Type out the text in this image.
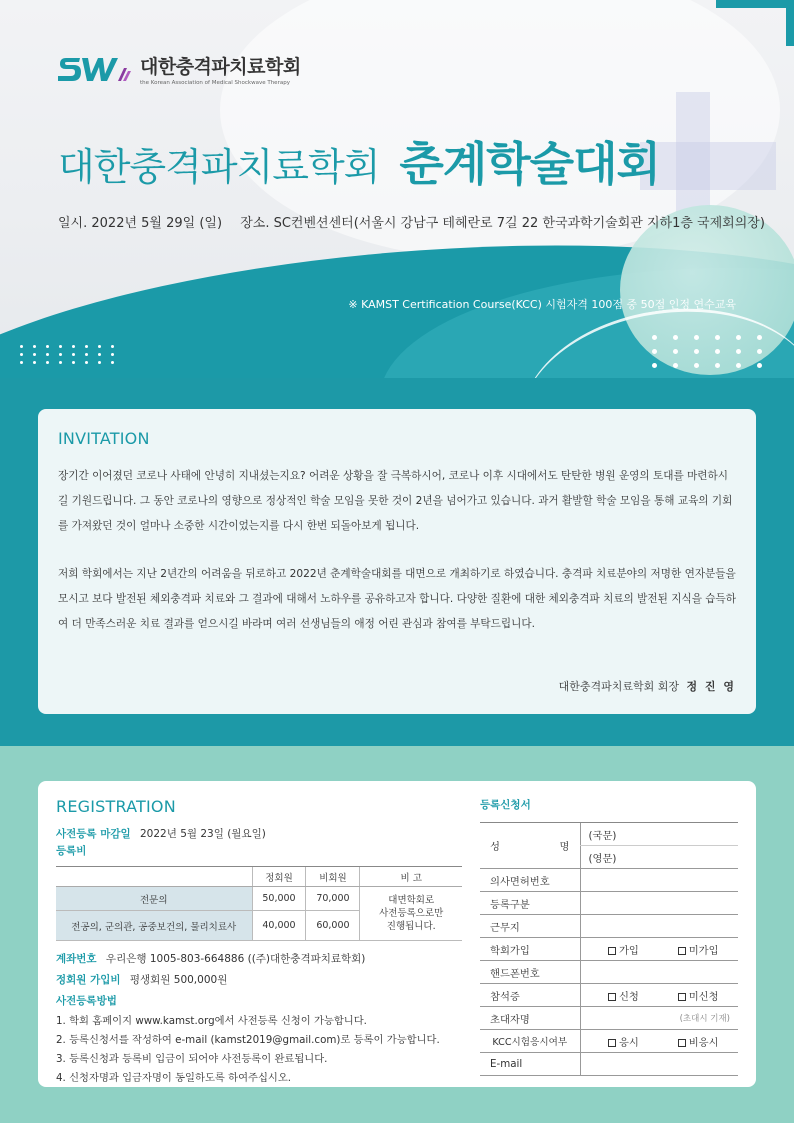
대한충격파치료학회
the Korean Association of Medical Shockwave Therapy
대한충격파치료학회 춘계학술대회
일시. 2022년 5월 29일 (일) 장소. SC컨벤션센터(서울시 강남구 테헤란로 7길 22 한국과학기술회관 지하1층 국제회의장)
※ KAMST Certification Course(KCC) 시험자격 100점 중 50점 인정 연수교육
INVITATION

장기간 이어졌던 코로나 사태에 안녕히 지내셨는지요? 어려운 상황을 잘 극복하시어, 코로나 이후 시대에서도 탄탄한 병원 운영의 토대를 마련하시길 기원드립니다. 그 동안 코로나의 영향으로 정상적인 학술 모임을 못한 것이 2년을 넘어가고 있습니다. 과거 활발할 학술 모임을 통해 교육의 기회를 가져왔던 것이 얼마나 소중한 시간이었는지를 다시 한번 되돌아보게 됩니다.

저희 학회에서는 지난 2년간의 어려움을 뒤로하고 2022년 춘계학술대회를 대면으로 개최하기로 하였습니다. 충격파 치료분야의 저명한 연자분들을 모시고 보다 발전된 체외충격파 치료와 그 결과에 대해서 노하우를 공유하고자 합니다. 다양한 질환에 대한 체외충격파 치료의 발전된 지식을 습득하여 더 만족스러운 치료 결과를 얻으시길 바라며 여러 선생님들의 애정 어린 관심과 참여를 부탁드립니다.

대한충격파치료학회 회장 정 진 영
REGISTRATION
사전등록 마감일 2022년 5월 23일 (월요일)
등록비
	정회원	비회원	비 고
전문의	50,000	70,000	대면학회로
사전등록으로만
진행됩니다.

전공의, 군의관, 공중보건의, 물리치료사	40,000	60,000	
계좌번호 우리은행 1005-803-664886 ((주)대한충격파치료학회)
정회원 가입비 평생회원 500,000원
사전등록방법
1. 학회 홈페이지 www.kamst.org에서 사전등록 신청이 가능합니다.
2. 등록신청서를 작성하여 e-mail (kamst2019@gmail.com)로 등록이 가능합니다.
3. 등록신청과 등록비 입금이 되어야 사전등록이 완료됩니다.
4. 신청자명과 입금자명이 동일하도록 하여주십시오.
등록신청서
성 명	(국문)
	(영문)
의사면허번호	
등록구분	
근무지	
학회가입	가입 미가입

핸드폰번호	
참석증	신청 미신청

초대자명	(초대시 기재)
KCC시험응시여부	응시 비응시

E-mail	
